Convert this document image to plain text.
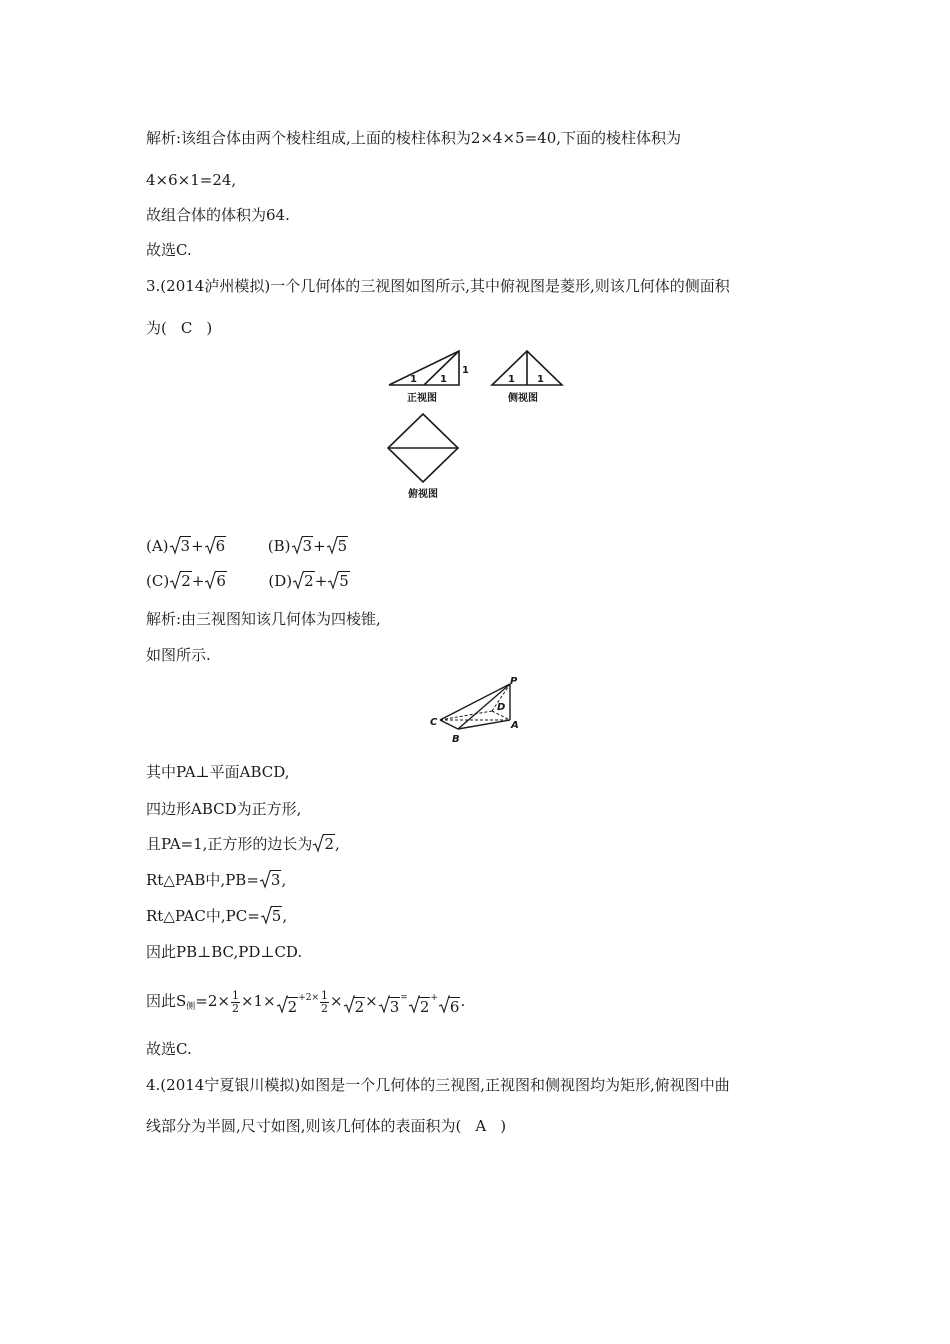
解析:该组合体由两个棱柱组成,上面的棱柱体积为2×4×5=40,下面的棱柱体积为
4×6×1=24,
故组合体的体积为64.
故选C.
3.(2014泸州模拟)一个几何体的三视图如图所示,其中俯视图是菱形,则该几何体的侧面积
为( C )
1 1
1
1 1
正视图	侧视图
俯视图
(A) 3+ 6	(B) 3+ 5
(C) 2+ 6	(D) 2+ 5
解析:由三视图知该几何体为四棱锥,
如图所示.
P
D
C	A
B
其中PA⊥平面ABCD,
四边形ABCD为正方形,
且PA=1,正方形的边长为 2,
Rt△PAB中,PB= 3,
Rt△PAC中,PC= 5,
因此PB⊥BC,PD⊥CD.
因此$S_侧=2\times \frac{1}{2} \times 1\times 2^{+2\times} \frac{1}{2} \times 2\times 3^=$ 2+ 6.
故选C.
4.(2014宁夏银川模拟)如图是一个几何体的三视图,正视图和侧视图均为矩形,俯视图中曲
线部分为半圆,尺寸如图,则该几何体的表面积为( A )
